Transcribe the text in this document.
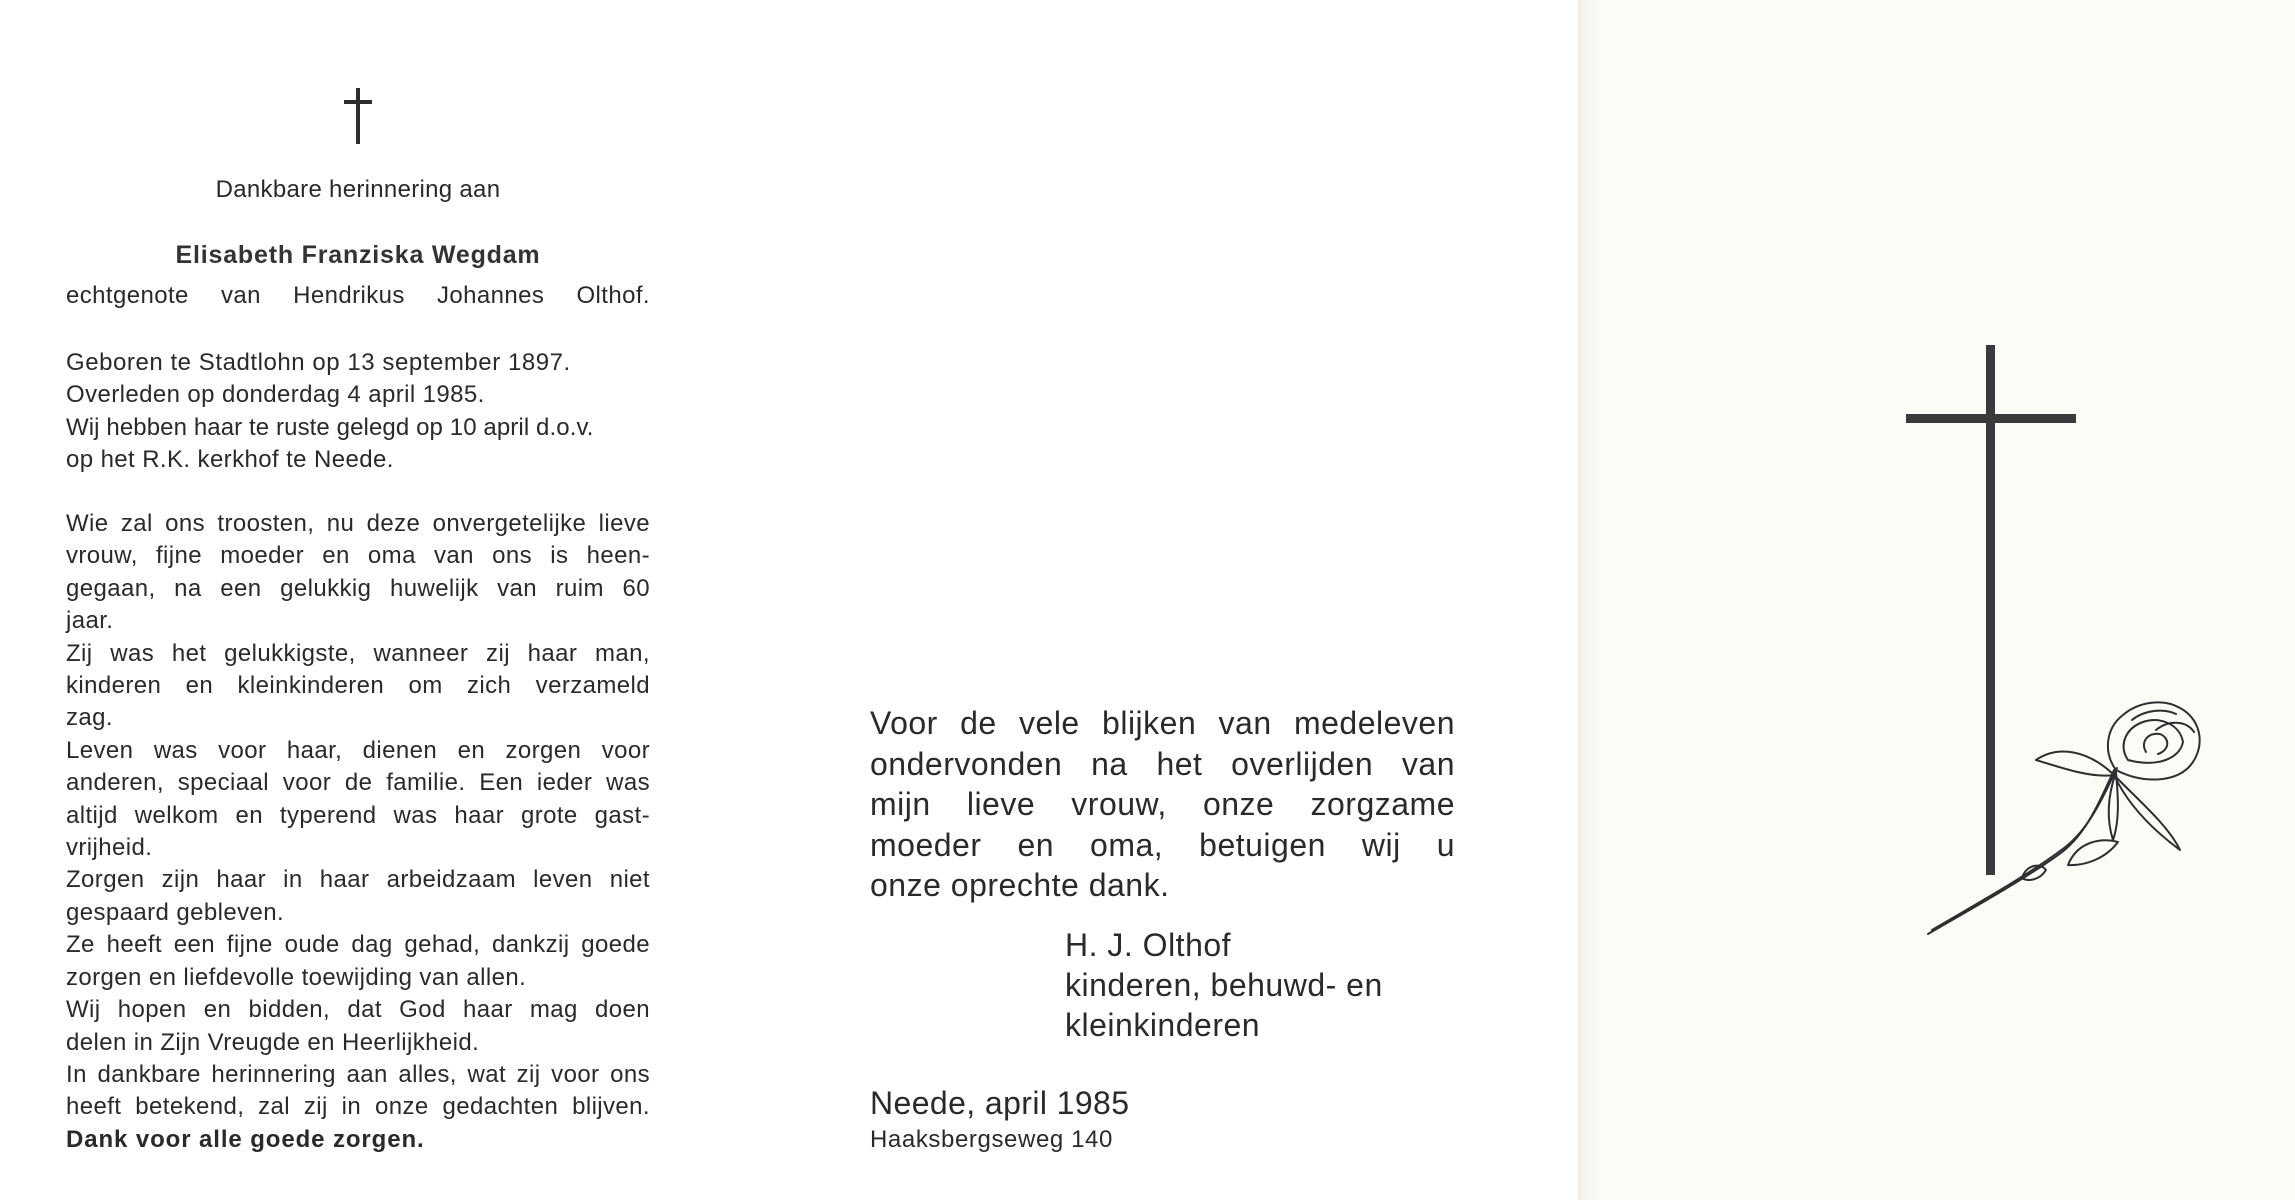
Dankbare herinnering aan
Elisabeth Franziska Wegdam
echtgenote van Hendrikus Johannes Olthof.
Geboren te Stadtlohn op 13 september 1897.
Overleden op donderdag 4 april 1985.
Wij hebben haar te ruste gelegd op 10 april d.o.v.
op het R.K. kerkhof te Neede.
Wie zal ons troosten, nu deze onvergetelijke lieve
vrouw, fijne moeder en oma van ons is heen-
gegaan, na een gelukkig huwelijk van ruim 60
jaar.
Zij was het gelukkigste, wanneer zij haar man,
kinderen en kleinkinderen om zich verzameld
zag.
Leven was voor haar, dienen en zorgen voor
anderen, speciaal voor de familie. Een ieder was
altijd welkom en typerend was haar grote gast-
vrijheid.
Zorgen zijn haar in haar arbeidzaam leven niet
gespaard gebleven.
Ze heeft een fijne oude dag gehad, dankzij goede
zorgen en liefdevolle toewijding van allen.
Wij hopen en bidden, dat God haar mag doen
delen in Zijn Vreugde en Heerlijkheid.
In dankbare herinnering aan alles, wat zij voor ons
heeft betekend, zal zij in onze gedachten blijven.
Dank voor alle goede zorgen.
Voor de vele blijken van medeleven
ondervonden na het overlijden van
mijn lieve vrouw, onze zorgzame
moeder en oma, betuigen wij u
onze oprechte dank.
H. J. Olthof
kinderen, behuwd- en
kleinkinderen
Neede, april 1985
Haaksbergseweg 140
